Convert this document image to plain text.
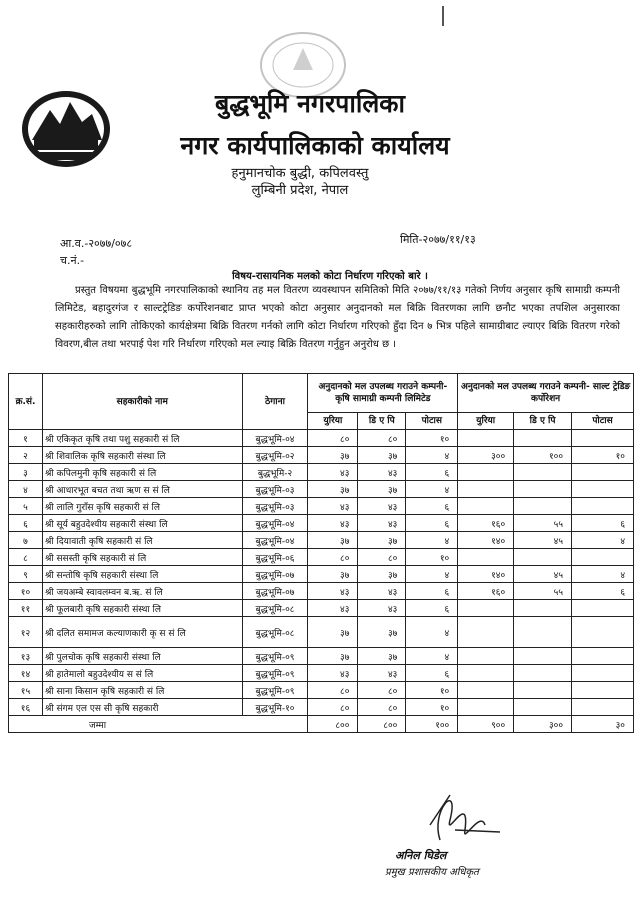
बुद्धभूमि नगरपालिका
नगर कार्यपालिकाको कार्यालय
हनुमानचोक बुद्धी, कपिलवस्तु
लुम्बिनी प्रदेश, नेपाल
आ.व.-२०७७/०७८
च.नं.-
मिति-२०७७/११/१३
विषय-रासायनिक मलको कोटा निर्धारण गरिएको बारे ।
प्रस्तुत विषयमा बुद्धभूमि नगरपालिकाको स्थानिय तह मल वितरण व्यवस्थापन समितिको मिति २०७७/११/१३ गतेको निर्णय अनुसार कृषि सामाग्री कम्पनी लिमिटेड, बहादुरगंज र साल्टट्रेडिङ कर्पोरेशनबाट प्राप्त भएको कोटा अनुसार अनुदानको मल बिक्रि वितरणका लागि छनौट भएका तपशिल अनुसारका सहकारीहरुको लागि तोकिएको कार्यक्षेत्रमा बिक्रि वितरण गर्नको लागि कोटा निर्धारण गरिएको हुँदा दिन ७ भित्र पहिले सामाग्रीबाट ल्याएर बिक्रि वितरण गरेको विवरण,बील तथा भरपाई पेश गरि निर्धारण गरिएको मल ल्याइ बिक्रि वितरण गर्नुहुन अनुरोध छ ।
क्र.सं.	सहकारीको नाम	ठेगाना	अनुदानको मल उपलब्ध गराउने कम्पनी- कृषि सामाग्री कम्पनी लिमिटेड			अनुदानको मल उपलब्ध गराउने कम्पनी- साल्ट ट्रेडिङ कर्पोरेशन		
			युरिया	डि ए पि	पोटास	युरिया	डि ए पि	पोटास
१	श्री एकिकृत कृषि तथा पशु सहकारी सं लि	बुद्धभूमि-०४	८०	८०	१०			
२	श्री शिवालिक कृषि सहकारी संस्था लि	बुद्धभूमि-०२	३७	३७	४	३००	१००	१०
३	श्री कपिलमुनी कृषि सहकारी सं लि	बुद्धभूमि-२	४३	४३	६			
४	श्री आधारभूत बचत तथा ऋण स सं लि	बुद्धभूमि-०३	३७	३७	४			
५	श्री लालि गुराँस कृषि सहकारी सं लि	बुद्धभूमि-०३	४३	४३	६			
६	श्री सूर्य बहुउदेश्यीय सहकारी संस्था लि	बुद्धभूमि-०४	४३	४३	६	१६०	५५	६
७	श्री दियावाती कृषि सहकारी सं लि	बुद्धभूमि-०४	३७	३७	४	१४०	४५	४
८	श्री ससस्ती कृषि सहकारी सं लि	बुद्धभूमि-०६	८०	८०	१०			
९	श्री सन्तोषि कृषि सहकारी संस्था लि	बुद्धभूमि-०७	३७	३७	४	१४०	४५	४
१०	श्री जयअम्बे स्वावलम्वन ब.ऋ. सं लि	बुद्धभूमि-०७	४३	४३	६	१६०	५५	६
११	श्री फूलबारी कृषि सहकारी संस्था लि	बुद्धभूमि-०८	४३	४३	६			
१२	श्री दलित समामज कल्याणकारी कृ स सं लि	बुद्धभूमि-०८	३७	३७	४			
१३	श्री पुलचोक कृषि सहकारी संस्था लि	बुद्धभूमि-०९	३७	३७	४			
१४	श्री हातेमालो बहुउदेश्यीय स सं लि	बुद्धभूमि-०९	४३	४३	६			
१५	श्री साना किसान कृषि सहकारी सं लि	बुद्धभूमि-०९	८०	८०	१०			
१६	श्री संगम एल एस सी कृषि सहकारी	बुद्धभूमि-१०	८०	८०	१०			
जम्मा			८००	८००	१००	९००	३००	३०
अनिल घिडेल
प्रमुख प्रशासकीय अधिकृत
